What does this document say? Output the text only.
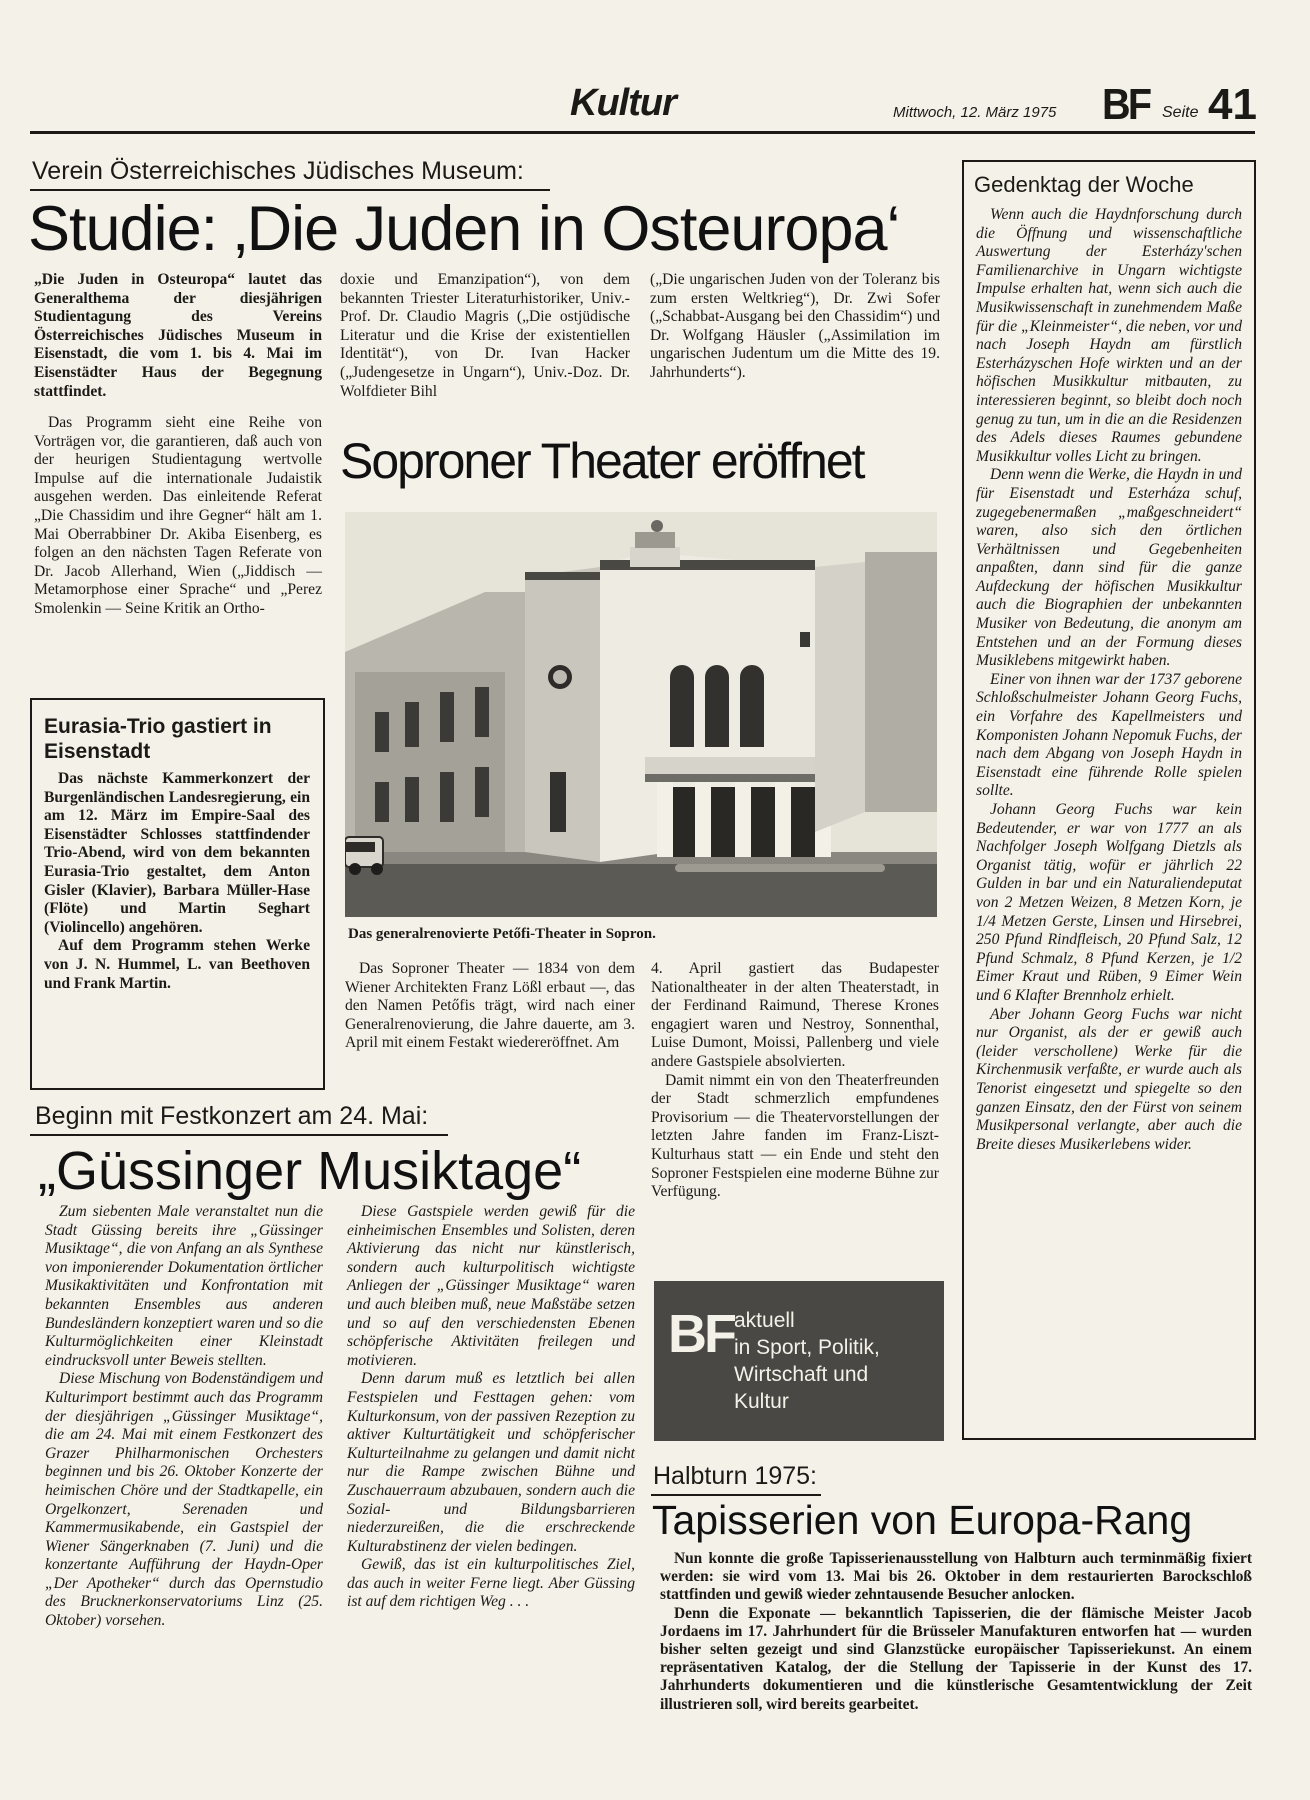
Kultur	Mittwoch, 12. März 1975 BF Seite 41
Verein Österreichisches Jüdisches Museum:
Studie: ‚Die Juden in Osteuropa‘
„Die Juden in Osteuropa“ lautet das Generalthema der diesjährigen Studientagung des Vereins Österreichisches Jüdisches Museum in Eisenstadt, die vom 1. bis 4. Mai im Eisenstädter Haus der Begegnung stattfindet.

Das Programm sieht eine Reihe von Vorträgen vor, die garantieren, daß auch von der heurigen Studientagung wertvolle Impulse auf die internationale Judaistik ausgehen werden. Das einleitende Referat „Die Chassidim und ihre Gegner“ hält am 1. Mai Oberrabbiner Dr. Akiba Eisenberg, es folgen an den nächsten Tagen Referate von Dr. Jacob Allerhand, Wien („Jiddisch — Metamorphose einer Sprache“ und „Perez Smolenkin — Seine Kritik an Ortho-

doxie und Emanzipation“), von dem bekannten Triester Literaturhistoriker, Univ.-Prof. Dr. Claudio Magris („Die ostjüdische Literatur und die Krise der existentiellen Identität“), von Dr. Ivan Hacker („Judengesetze in Ungarn“), Univ.-Doz. Dr. Wolfdieter Bihl
(„Die ungarischen Juden von der Toleranz bis zum ersten Weltkrieg“), Dr. Zwi Sofer („Schabbat-Ausgang bei den Chassidim“) und Dr. Wolfgang Häusler („Assimilation im ungarischen Judentum um die Mitte des 19. Jahrhunderts“).
Eurasia-Trio gastiert in Eisenstadt

Das nächste Kammerkonzert der Burgenländischen Landesregierung, ein am 12. März im Empire-Saal des Eisenstädter Schlosses stattfindender Trio-Abend, wird von dem bekannten Eurasia-Trio gestaltet, dem Anton Gisler (Klavier), Barbara Müller-Hase (Flöte) und Martin Seghart (Violincello) angehören.

Auf dem Programm stehen Werke von J. N. Hummel, L. van Beethoven und Frank Martin.

Soproner Theater eröffnet
Das generalrenovierte Petőfi-Theater in Sopron.

Das Soproner Theater — 1834 von dem Wiener Architekten Franz Lößl erbaut —, das den Namen Petőfis trägt, wird nach einer Generalrenovierung, die Jahre dauerte, am 3. April mit einem Festakt wiedereröffnet. Am

4. April gastiert das Budapester Nationaltheater in der alten Theaterstadt, in der Ferdinand Raimund, Therese Krones engagiert waren und Nestroy, Sonnenthal, Luise Dumont, Moissi, Pallenberg und viele andere Gastspiele absolvierten.

Damit nimmt ein von den Theaterfreunden der Stadt schmerzlich empfundenes Provisorium — die Theatervorstellungen der letzten Jahre fanden im Franz-Liszt-Kulturhaus statt — ein Ende und steht den Soproner Festspielen eine moderne Bühne zur Verfügung.

Gedenktag der Woche

Wenn auch die Haydnforschung durch die Öffnung und wissenschaftliche Auswertung der Esterházy'schen Familienarchive in Ungarn wichtigste Impulse erhalten hat, wenn sich auch die Musikwissenschaft in zunehmendem Maße für die „Kleinmeister“, die neben, vor und nach Joseph Haydn am fürstlich Esterházyschen Hofe wirkten und an der höfischen Musikkultur mitbauten, zu interessieren beginnt, so bleibt doch noch genug zu tun, um in die an die Residenzen des Adels dieses Raumes gebundene Musikkultur volles Licht zu bringen.

Denn wenn die Werke, die Haydn in und für Eisenstadt und Esterháza schuf, zugegebenermaßen „maßgeschneidert“ waren, also sich den örtlichen Verhältnissen und Gegebenheiten anpaßten, dann sind für die ganze Aufdeckung der höfischen Musikkultur auch die Biographien der unbekannten Musiker von Bedeutung, die anonym am Entstehen und an der Formung dieses Musiklebens mitgewirkt haben.

Einer von ihnen war der 1737 geborene Schloßschulmeister Johann Georg Fuchs, ein Vorfahre des Kapellmeisters und Komponisten Johann Nepomuk Fuchs, der nach dem Abgang von Joseph Haydn in Eisenstadt eine führende Rolle spielen sollte.

Johann Georg Fuchs war kein Bedeutender, er war von 1777 an als Nachfolger Joseph Wolfgang Dietzls als Organist tätig, wofür er jährlich 22 Gulden in bar und ein Naturaliendeputat von 2 Metzen Weizen, 8 Metzen Korn, je 1/4 Metzen Gerste, Linsen und Hirsebrei, 250 Pfund Rindfleisch, 20 Pfund Salz, 12 Pfund Schmalz, 8 Pfund Kerzen, je 1/2 Eimer Kraut und Rüben, 9 Eimer Wein und 6 Klafter Brennholz erhielt.

Aber Johann Georg Fuchs war nicht nur Organist, als der er gewiß auch (leider verschollene) Werke für die Kirchenmusik verfaßte, er wurde auch als Tenorist eingesetzt und spiegelte so den ganzen Einsatz, den der Fürst von seinem Musikpersonal verlangte, aber auch die Breite dieses Musikerlebens wider.

BF aktuell
in Sport, Politik,
Wirtschaft und
Kultur
Beginn mit Festkonzert am 24. Mai:
„Güssinger Musiktage“

Zum siebenten Male veranstaltet nun die Stadt Güssing bereits ihre „Güssinger Musiktage“, die von Anfang an als Synthese von imponierender Dokumentation örtlicher Musikaktivitäten und Konfrontation mit bekannten Ensembles aus anderen Bundesländern konzeptiert waren und so die Kulturmöglichkeiten einer Kleinstadt eindrucksvoll unter Beweis stellten.

Diese Mischung von Bodenständigem und Kulturimport bestimmt auch das Programm der diesjährigen „Güssinger Musiktage“, die am 24. Mai mit einem Festkonzert des Grazer Philharmonischen Orchesters beginnen und bis 26. Oktober Konzerte der heimischen Chöre und der Stadtkapelle, ein Orgelkonzert, Serenaden und Kammermusikabende, ein Gastspiel der Wiener Sängerknaben (7. Juni) und die konzertante Aufführung der Haydn-Oper „Der Apotheker“ durch das Opernstudio des Brucknerkonservatoriums Linz (25. Oktober) vorsehen.

Diese Gastspiele werden gewiß für die einheimischen Ensembles und Solisten, deren Aktivierung das nicht nur künstlerisch, sondern auch kulturpolitisch wichtigste Anliegen der „Güssinger Musiktage“ waren und auch bleiben muß, neue Maßstäbe setzen und so auf den verschiedensten Ebenen schöpferische Aktivitäten freilegen und motivieren.

Denn darum muß es letztlich bei allen Festspielen und Festtagen gehen: vom Kulturkonsum, von der passiven Rezeption zu aktiver Kulturtätigkeit und schöpferischer Kulturteilnahme zu gelangen und damit nicht nur die Rampe zwischen Bühne und Zuschauerraum abzubauen, sondern auch die Sozial- und Bildungsbarrieren niederzureißen, die die erschreckende Kulturabstinenz der vielen bedingen.

Gewiß, das ist ein kulturpolitisches Ziel, das auch in weiter Ferne liegt. Aber Güssing ist auf dem richtigen Weg . . .

Halbturn 1975:
Tapisserien von Europa-Rang

Nun konnte die große Tapisserienausstellung von Halbturn auch terminmäßig fixiert werden: sie wird vom 13. Mai bis 26. Oktober in dem restaurierten Barockschloß stattfinden und gewiß wieder zehntausende Besucher anlocken.

Denn die Exponate — bekanntlich Tapisserien, die der flämische Meister Jacob Jordaens im 17. Jahrhundert für die Brüsseler Manufakturen entworfen hat — wurden bisher selten gezeigt und sind Glanzstücke europäischer Tapisseriekunst. An einem repräsentativen Katalog, der die Stellung der Tapisserie in der Kunst des 17. Jahrhunderts dokumentieren und die künstlerische Gesamtentwicklung der Zeit illustrieren soll, wird bereits gearbeitet.
